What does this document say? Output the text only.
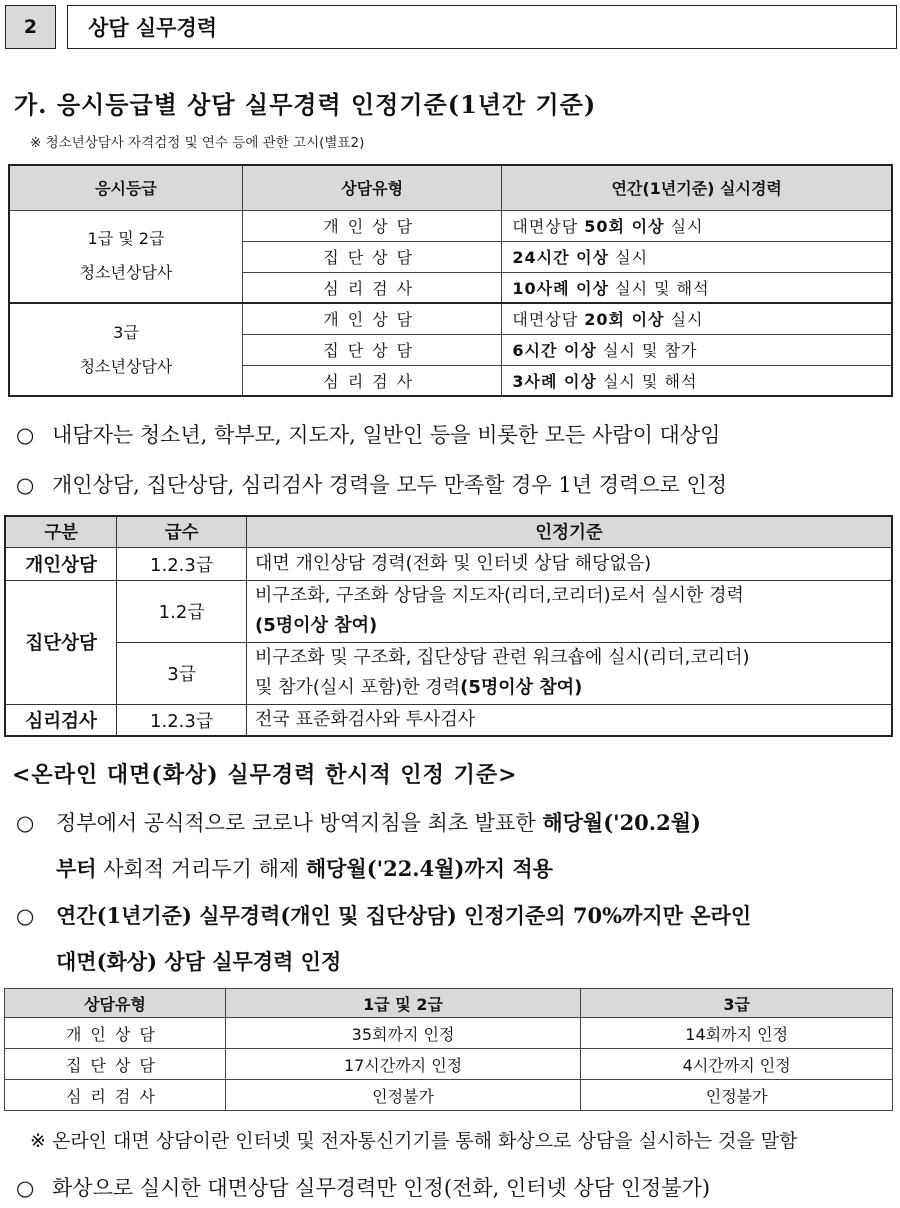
2	상담 실무경력
가. 응시등급별 상담 실무경력 인정기준(1년간 기준)
※ 청소년상담사 자격검정 및 연수 등에 관한 고시(별표2)
응시등급	상담유형	연간(1년기준) 실시경력

1급 및 2급
청소년상담사	개인상담	대면상담 50회 이상 실시
	집단상담	24시간 이상 실시
	심리검사	10사례 이상 실시 및 해석

3급
청소년상담사	개인상담	대면상담 20회 이상 실시
	집단상담	6시간 이상 실시 및 참가
	심리검사	3사례 이상 실시 및 해석
○ 내담자는 청소년, 학부모, 지도자, 일반인 등을 비롯한 모든 사람이 대상임
○ 개인상담, 집단상담, 심리검사 경력을 모두 만족할 경우 1년 경력으로 인정
구분	급수	인정기준
개인상담	1.2.3급	대면 개인상담 경력(전화 및 인터넷 상담 해당없음)
집단상담	1.2급	비구조화, 구조화 상담을 지도자(리더,코리더)로서 실시한 경력
(5명이상 참여)

	3급	비구조화 및 구조화, 집단상담 관련 워크숍에 실시(리더,코리더)
및 참가(실시 포함)한 경력(5명이상 참여)

심리검사	1.2.3급	전국 표준화검사와 투사검사
<온라인 대면(화상) 실무경력 한시적 인정 기준>
○ 정부에서 공식적으로 코로나 방역지침을 최초 발표한 해당월('20.2월)
부터 사회적 거리두기 해제 해당월('22.4월)까지 적용
○ 연간(1년기준) 실무경력(개인 및 집단상담) 인정기준의 70%까지만 온라인
대면(화상) 상담 실무경력 인정
상담유형	1급 및 2급	3급
개인상담	35회까지 인정	14회까지 인정
집단상담	17시간까지 인정	4시간까지 인정
심리검사	인정불가	인정불가
※ 온라인 대면 상담이란 인터넷 및 전자통신기기를 통해 화상으로 상담을 실시하는 것을 말함
○ 화상으로 실시한 대면상담 실무경력만 인정(전화, 인터넷 상담 인정불가)
